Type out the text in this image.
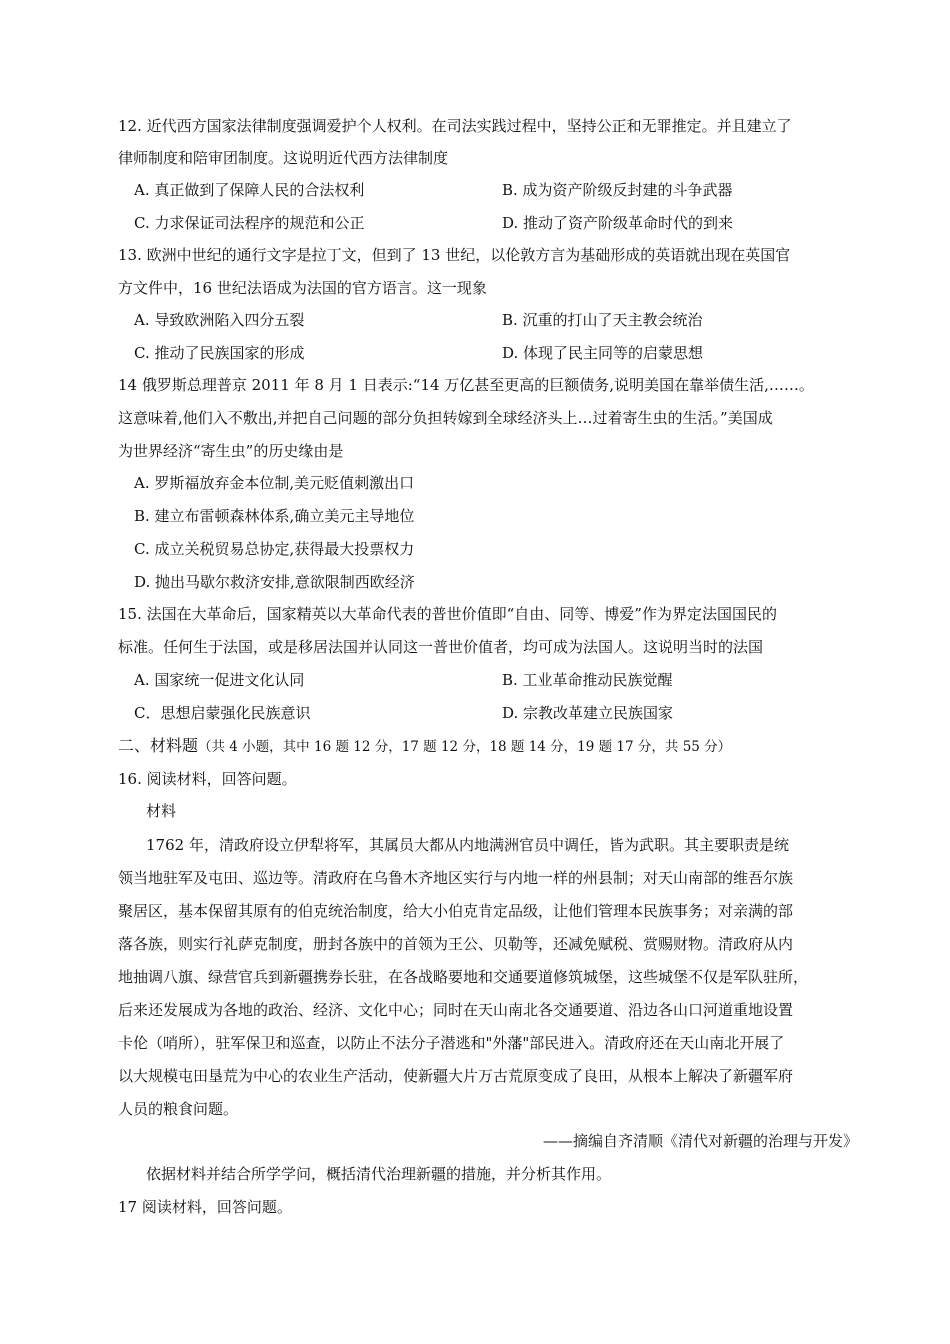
12. 近代西方国家法律制度强调爱护个人权利。在司法实践过程中，坚持公正和无罪推定。并且建立了
律师制度和陪审团制度。这说明近代西方法律制度
A. 真正做到了保障人民的合法权利	B. 成为资产阶级反封建的斗争武器
C. 力求保证司法程序的规范和公正	D. 推动了资产阶级革命时代的到来
13. 欧洲中世纪的通行文字是拉丁文，但到了 13 世纪，以伦敦方言为基础形成的英语就出现在英国官
方文件中，16 世纪法语成为法国的官方语言。这一现象
A. 导致欧洲陷入四分五裂	B. 沉重的打山了天主教会统治
C. 推动了民族国家的形成	D. 体现了民主同等的启蒙思想
14 俄罗斯总理普京 2011 年 8 月 1 日表示:“14 万亿甚至更高的巨额债务,说明美国在靠举债生活,……。
这意味着,他们入不敷出,并把自己问题的部分负担转嫁到全球经济头上…过着寄生虫的生活。”美国成
为世界经济“寄生虫”的历史缘由是
A. 罗斯福放弃金本位制,美元贬值刺激出口
B. 建立布雷顿森林体系,确立美元主导地位
C. 成立关税贸易总协定,获得最大投票权力
D. 抛出马歇尔救济安排,意欲限制西欧经济
15. 法国在大革命后，国家精英以大革命代表的普世价值即“自由、同等、博爱”作为界定法国国民的
标准。任何生于法国，或是移居法国并认同这一普世价值者，均可成为法国人。这说明当时的法国
A. 国家统一促进文化认同	B. 工业革命推动民族觉醒
C．思想启蒙强化民族意识	D. 宗教改革建立民族国家
二、材料题（共 4 小题，其中 16 题 12 分，17 题 12 分，18 题 14 分，19 题 17 分，共 55 分）
16. 阅读材料，回答问题。
材料
1762 年，清政府设立伊犁将军，其属员大都从内地满洲官员中调任，皆为武职。其主要职责是统
领当地驻军及屯田、巡边等。清政府在乌鲁木齐地区实行与内地一样的州县制；对天山南部的维吾尔族
聚居区，基本保留其原有的伯克统治制度，给大小伯克肯定品级，让他们管理本民族事务；对亲满的部
落各族，则实行礼萨克制度，册封各族中的首领为王公、贝勒等，还减免赋税、赏赐财物。清政府从内
地抽调八旗、绿营官兵到新疆携券长驻，在各战略要地和交通要道修筑城堡，这些城堡不仅是军队驻所，
后来还发展成为各地的政治、经济、文化中心；同时在天山南北各交通要道、沿边各山口河道重地设置
卡伦（哨所），驻军保卫和巡查，以防止不法分子潜逃和"外藩"部民进入。清政府还在天山南北开展了
以大规模屯田垦荒为中心的农业生产活动，使新疆大片万古荒原变成了良田，从根本上解决了新疆军府
人员的粮食问题。
——摘编自齐清顺《清代对新疆的治理与开发》
依据材料并结合所学学问，概括清代治理新疆的措施，并分析其作用。
17 阅读材料，回答问题。
